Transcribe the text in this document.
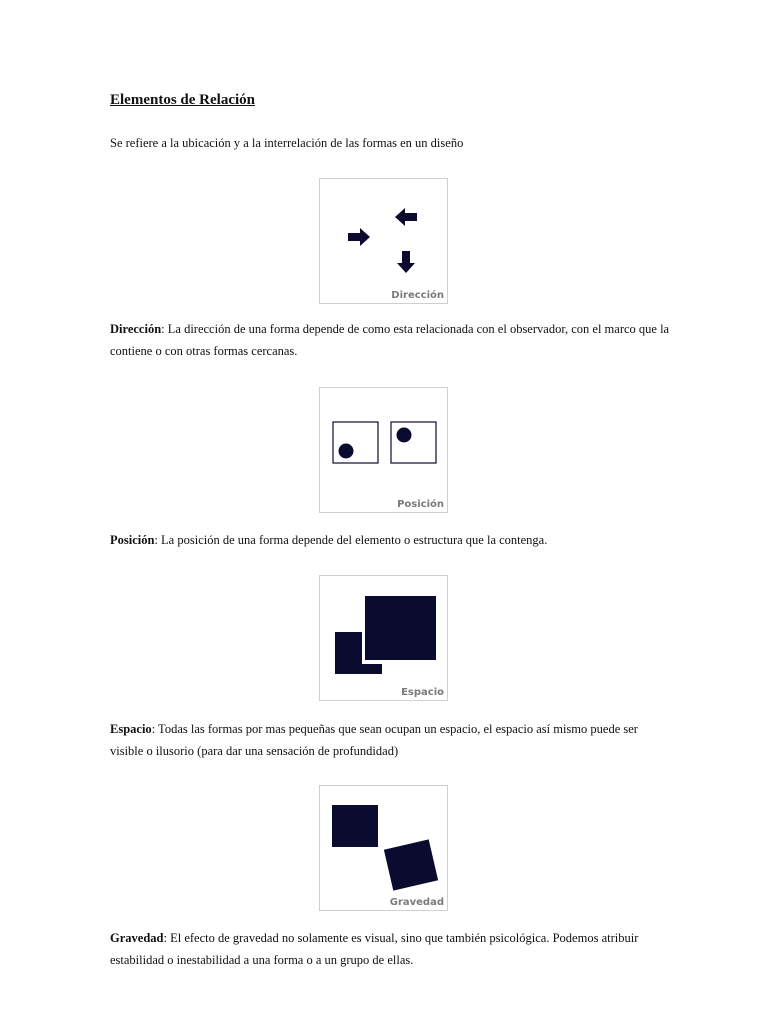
Elementos de Relación

Se refiere a la ubicación y a la interrelación de las formas en un diseño

Dirección

Dirección: La dirección de una forma depende de como esta relacionada con el observador, con el marco que la contiene o con otras formas cercanas.

Posición

Posición: La posición de una forma depende del elemento o estructura que la contenga.

Espacio

Espacio: Todas las formas por mas pequeñas que sean ocupan un espacio, el espacio así mismo puede ser visible o ilusorio (para dar una sensación de profundidad)

Gravedad

Gravedad: El efecto de gravedad no solamente es visual, sino que también psicológica. Podemos atribuir estabilidad o inestabilidad a una forma o a un grupo de ellas.
